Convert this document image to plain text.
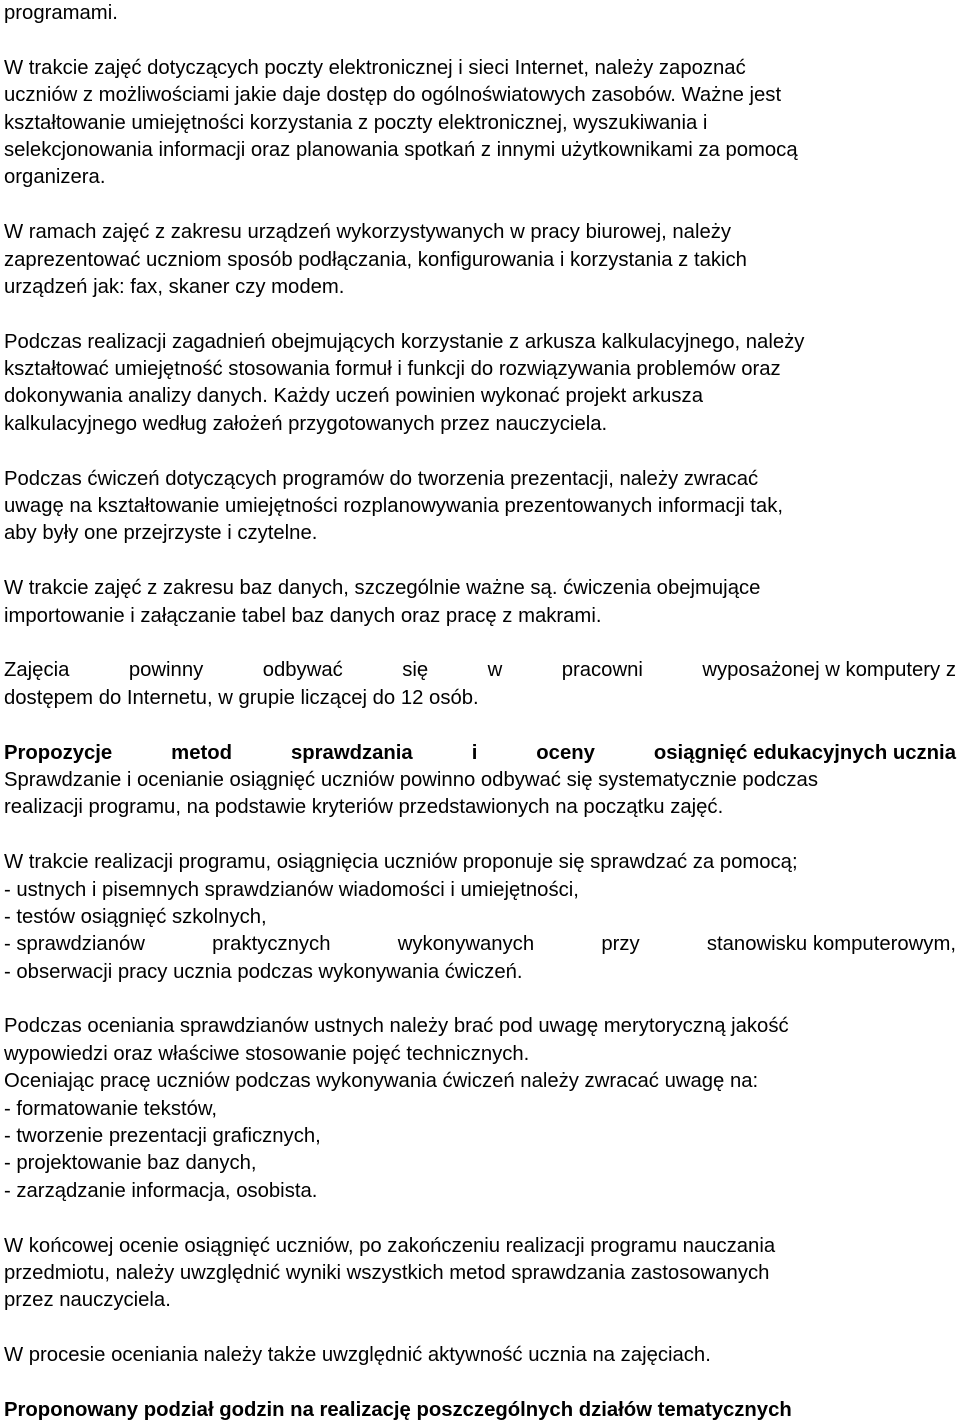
programami.
W trakcie zajęć dotyczących poczty elektronicznej i sieci Internet, należy zapoznać
uczniów z możliwościami jakie daje dostęp do ogólnoświatowych zasobów. Ważne jest
kształtowanie umiejętności korzystania z poczty elektronicznej, wyszukiwania i
selekcjonowania informacji oraz planowania spotkań z innymi użytkownikami za pomocą
organizera.
W ramach zajęć z zakresu urządzeń wykorzystywanych w pracy biurowej, należy
zaprezentować uczniom sposób podłączania, konfigurowania i korzystania z takich
urządzeń jak: fax, skaner czy modem.
Podczas realizacji zagadnień obejmujących korzystanie z arkusza kalkulacyjnego, należy
kształtować umiejętność stosowania formuł i funkcji do rozwiązywania problemów oraz
dokonywania analizy danych. Każdy uczeń powinien wykonać projekt arkusza
kalkulacyjnego według założeń przygotowanych przez nauczyciela.
Podczas ćwiczeń dotyczących programów do tworzenia prezentacji, należy zwracać
uwagę na kształtowanie umiejętności rozplanowywania prezentowanych informacji tak,
aby były one przejrzyste i czytelne.
W trakcie zajęć z zakresu baz danych, szczególnie ważne są. ćwiczenia obejmujące
importowanie i załączanie tabel baz danych oraz pracę z makrami.
Zajęcia	powinny	odbywać	się	w	pracowni	wyposażonej w komputery z
dostępem do Internetu, w grupie liczącej do 12 osób.
Propozycje	metod	sprawdzania	i	oceny	osiągnięć edukacyjnych ucznia
Sprawdzanie i ocenianie osiągnięć uczniów powinno odbywać się systematycznie podczas
realizacji programu, na podstawie kryteriów przedstawionych na początku zajęć.
W trakcie realizacji programu, osiągnięcia uczniów proponuje się sprawdzać za pomocą;
- ustnych i pisemnych sprawdzianów wiadomości i umiejętności,
- testów osiągnięć szkolnych,
- sprawdzianów	praktycznych	wykonywanych	przy	stanowisku komputerowym,
- obserwacji pracy ucznia podczas wykonywania ćwiczeń.
Podczas oceniania sprawdzianów ustnych należy brać pod uwagę merytoryczną jakość
wypowiedzi oraz właściwe stosowanie pojęć technicznych.
Oceniając pracę uczniów podczas wykonywania ćwiczeń należy zwracać uwagę na:
- formatowanie tekstów,
- tworzenie prezentacji graficznych,
- projektowanie baz danych,
- zarządzanie informacja, osobista.
W końcowej ocenie osiągnięć uczniów, po zakończeniu realizacji programu nauczania
przedmiotu, należy uwzględnić wyniki wszystkich metod sprawdzania zastosowanych
przez nauczyciela.
W procesie oceniania należy także uwzględnić aktywność ucznia na zajęciach.
Proponowany podział godzin na realizację poszczególnych działów tematycznych
